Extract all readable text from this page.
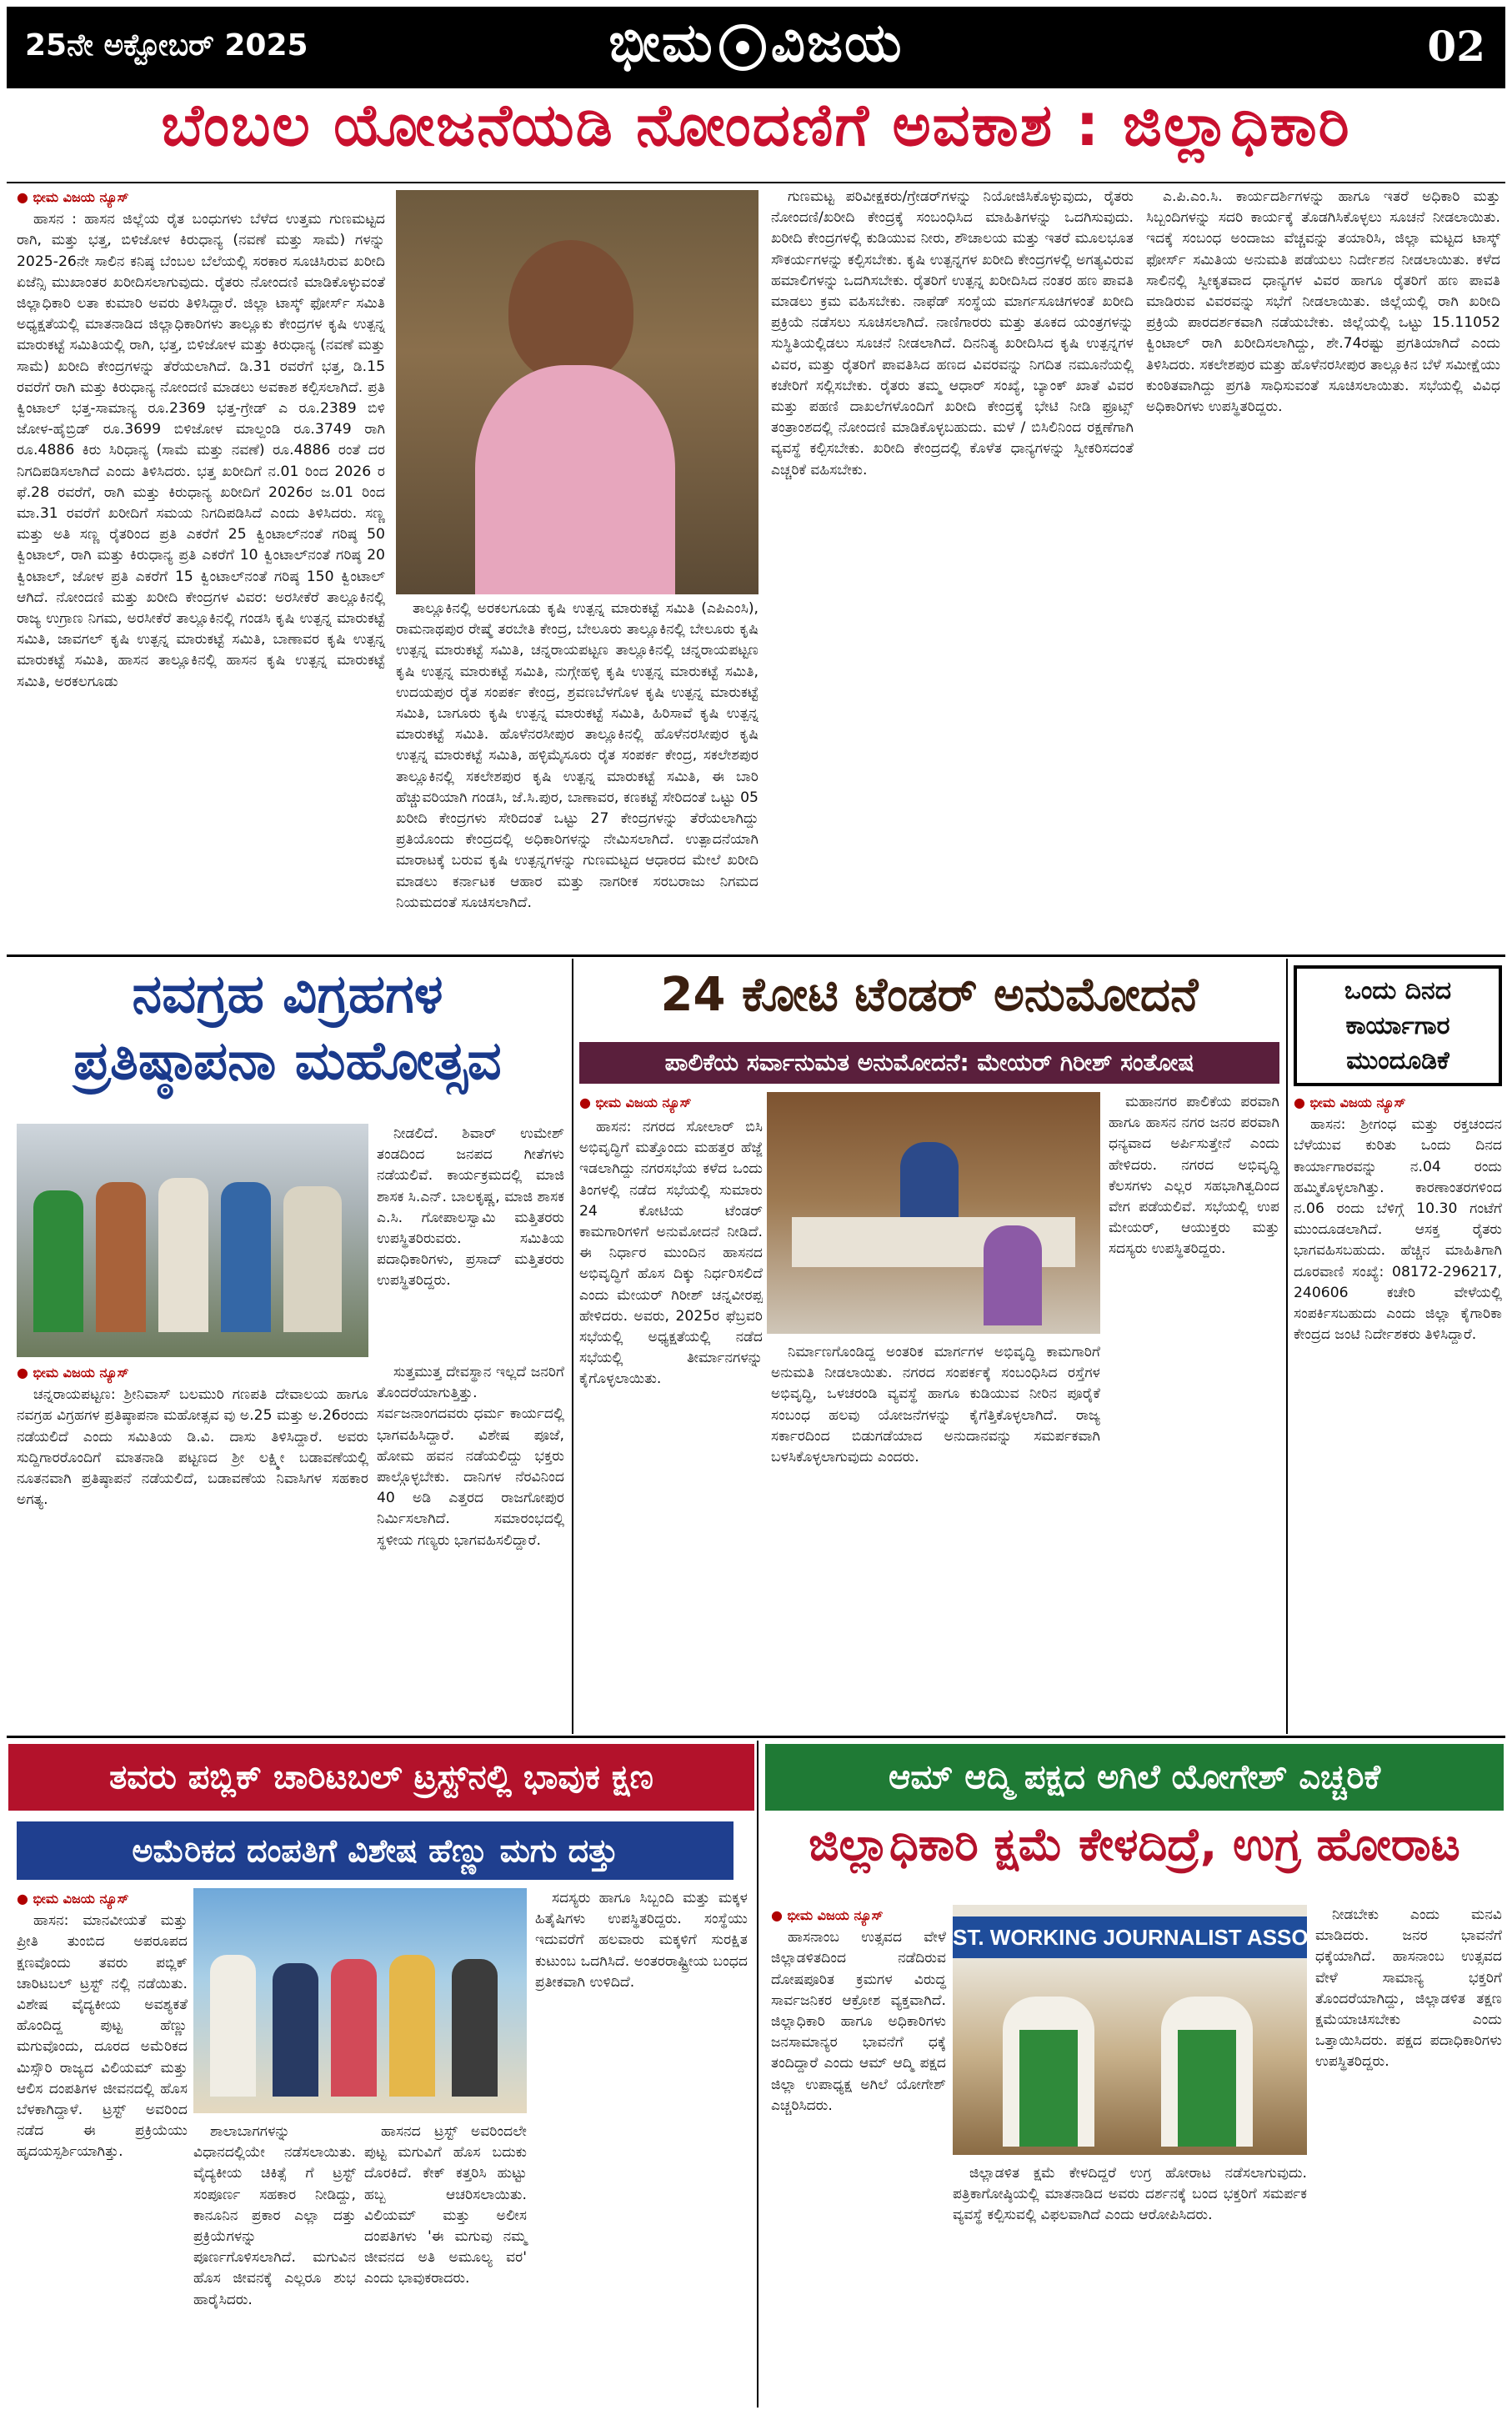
25ನೇ ಅಕ್ಟೋಬರ್ 2025	ಭೀಮ ವಿಜಯ	02
ಬೆಂಬಲ ಯೋಜನೆಯಡಿ ನೋಂದಣಿಗೆ ಅವಕಾಶ : ಜಿಲ್ಲಾಧಿಕಾರಿ
● ಭೀಮ ವಿಜಯ ನ್ಯೂಸ್

ಹಾಸನ : ಹಾಸನ ಜಿಲ್ಲೆಯ ರೈತ ಬಂಧುಗಳು ಬೆಳೆದ ಉತ್ತಮ ಗುಣಮಟ್ಟದ ರಾಗಿ, ಮತ್ತು ಭತ್ತ, ಬಿಳಿಜೋಳ ಕಿರುಧಾನ್ಯ (ನವಣೆ ಮತ್ತು ಸಾಮೆ) ಗಳನ್ನು 2025-26ನೇ ಸಾಲಿನ ಕನಿಷ್ಠ ಬೆಂಬಲ ಬೆಲೆಯಲ್ಲಿ ಸರಕಾರ ಸೂಚಿಸಿರುವ ಖರೀದಿ ಏಜೆನ್ಸಿ ಮುಖಾಂತರ ಖರೀದಿಸಲಾಗುವುದು. ರೈತರು ನೋಂದಣಿ ಮಾಡಿಕೊಳ್ಳುವಂತೆ ಜಿಲ್ಲಾಧಿಕಾರಿ ಲತಾ ಕುಮಾರಿ ಅವರು ತಿಳಿಸಿದ್ದಾರೆ. ಜಿಲ್ಲಾ ಟಾಸ್ಕ್ ಫೋರ್ಸ್ ಸಮಿತಿ ಅಧ್ಯಕ್ಷತೆಯಲ್ಲಿ ಮಾತನಾಡಿದ ಜಿಲ್ಲಾಧಿಕಾರಿಗಳು ತಾಲ್ಲೂಕು ಕೇಂದ್ರಗಳ ಕೃಷಿ ಉತ್ಪನ್ನ ಮಾರುಕಟ್ಟೆ ಸಮಿತಿಯಲ್ಲಿ ರಾಗಿ, ಭತ್ತ, ಬಿಳಿಜೋಳ ಮತ್ತು ಕಿರುಧಾನ್ಯ (ನವಣೆ ಮತ್ತು ಸಾಮೆ) ಖರೀದಿ ಕೇಂದ್ರಗಳನ್ನು ತೆರೆಯಲಾಗಿದೆ. ಡಿ.31 ರವರೆಗೆ ಭತ್ತ, ಡಿ.15 ರವರೆಗೆ ರಾಗಿ ಮತ್ತು ಕಿರುಧಾನ್ಯ ನೋಂದಣಿ ಮಾಡಲು ಅವಕಾಶ ಕಲ್ಪಿಸಲಾಗಿದೆ. ಪ್ರತಿ ಕ್ವಿಂಟಾಲ್ ಭತ್ತ-ಸಾಮಾನ್ಯ ರೂ.2369 ಭತ್ತ-ಗ್ರೇಡ್ ಎ ರೂ.2389 ಬಿಳಿ ಜೋಳ-ಹೈಬ್ರಿಡ್ ರೂ.3699 ಬಿಳಿಜೋಳ ಮಾಲ್ದಂಡಿ ರೂ.3749 ರಾಗಿ ರೂ.4886 ಕಿರು ಸಿರಿಧಾನ್ಯ (ಸಾಮೆ ಮತ್ತು ನವಣೆ) ರೂ.4886 ರಂತೆ ದರ ನಿಗದಿಪಡಿಸಲಾಗಿದೆ ಎಂದು ತಿಳಿಸಿದರು. ಭತ್ತ ಖರೀದಿಗೆ ನ.01 ರಿಂದ 2026 ರ ಫೆ.28 ರವರೆಗೆ, ರಾಗಿ ಮತ್ತು ಕಿರುಧಾನ್ಯ ಖರೀದಿಗೆ 2026ರ ಜ.01 ರಿಂದ ಮಾ.31 ರವರೆಗೆ ಖರೀದಿಗೆ ಸಮಯ ನಿಗದಿಪಡಿಸಿದೆ ಎಂದು ತಿಳಿಸಿದರು. ಸಣ್ಣ ಮತ್ತು ಅತಿ ಸಣ್ಣ ರೈತರಿಂದ ಪ್ರತಿ ಎಕರೆಗೆ 25 ಕ್ವಿಂಟಾಲ್‌ನಂತೆ ಗರಿಷ್ಠ 50 ಕ್ವಿಂಟಾಲ್, ರಾಗಿ ಮತ್ತು ಕಿರುಧಾನ್ಯ ಪ್ರತಿ ಎಕರೆಗೆ 10 ಕ್ವಿಂಟಾಲ್‌ನಂತೆ ಗರಿಷ್ಠ 20 ಕ್ವಿಂಟಾಲ್, ಜೋಳ ಪ್ರತಿ ಎಕರೆಗೆ 15 ಕ್ವಿಂಟಾಲ್‌ನಂತೆ ಗರಿಷ್ಠ 150 ಕ್ವಿಂಟಾಲ್ ಆಗಿದೆ. ನೋಂದಣಿ ಮತ್ತು ಖರೀದಿ ಕೇಂದ್ರಗಳ ವಿವರ: ಅರಸೀಕೆರೆ ತಾಲ್ಲೂಕಿನಲ್ಲಿ ರಾಜ್ಯ ಉಗ್ರಾಣ ನಿಗಮ, ಅರಸೀಕೆರೆ ತಾಲ್ಲೂಕಿನಲ್ಲಿ ಗಂಡಸಿ ಕೃಷಿ ಉತ್ಪನ್ನ ಮಾರುಕಟ್ಟೆ ಸಮಿತಿ, ಜಾವಗಲ್ ಕೃಷಿ ಉತ್ಪನ್ನ ಮಾರುಕಟ್ಟೆ ಸಮಿತಿ, ಬಾಣಾವರ ಕೃಷಿ ಉತ್ಪನ್ನ ಮಾರುಕಟ್ಟೆ ಸಮಿತಿ, ಹಾಸನ ತಾಲ್ಲೂಕಿನಲ್ಲಿ ಹಾಸನ ಕೃಷಿ ಉತ್ಪನ್ನ ಮಾರುಕಟ್ಟೆ ಸಮಿತಿ, ಅರಕಲಗೂಡು

ತಾಲ್ಲೂಕಿನಲ್ಲಿ ಅರಕಲಗೂಡು ಕೃಷಿ ಉತ್ಪನ್ನ ಮಾರುಕಟ್ಟೆ ಸಮಿತಿ (ಎಪಿಎಂಸಿ), ರಾಮನಾಥಪುರ ರೇಷ್ಮೆ ತರಬೇತಿ ಕೇಂದ್ರ, ಬೇಲೂರು ತಾಲ್ಲೂಕಿನಲ್ಲಿ ಬೇಲೂರು ಕೃಷಿ ಉತ್ಪನ್ನ ಮಾರುಕಟ್ಟೆ ಸಮಿತಿ, ಚನ್ನರಾಯಪಟ್ಟಣ ತಾಲ್ಲೂಕಿನಲ್ಲಿ ಚನ್ನರಾಯಪಟ್ಟಣ ಕೃಷಿ ಉತ್ಪನ್ನ ಮಾರುಕಟ್ಟೆ ಸಮಿತಿ, ನುಗ್ಗೇಹಳ್ಳಿ ಕೃಷಿ ಉತ್ಪನ್ನ ಮಾರುಕಟ್ಟೆ ಸಮಿತಿ, ಉದಯಪುರ ರೈತ ಸಂಪರ್ಕ ಕೇಂದ್ರ, ಶ್ರವಣಬೆಳಗೊಳ ಕೃಷಿ ಉತ್ಪನ್ನ ಮಾರುಕಟ್ಟೆ ಸಮಿತಿ, ಬಾಗೂರು ಕೃಷಿ ಉತ್ಪನ್ನ ಮಾರುಕಟ್ಟೆ ಸಮಿತಿ, ಹಿರಿಸಾವೆ ಕೃಷಿ ಉತ್ಪನ್ನ ಮಾರುಕಟ್ಟೆ ಸಮಿತಿ. ಹೊಳೆನರಸೀಪುರ ತಾಲ್ಲೂಕಿನಲ್ಲಿ ಹೊಳೆನರಸೀಪುರ ಕೃಷಿ ಉತ್ಪನ್ನ ಮಾರುಕಟ್ಟೆ ಸಮಿತಿ, ಹಳ್ಳಿಮೈಸೂರು ರೈತ ಸಂಪರ್ಕ ಕೇಂದ್ರ, ಸಕಲೇಶಪುರ ತಾಲ್ಲೂಕಿನಲ್ಲಿ ಸಕಲೇಶಪುರ ಕೃಷಿ ಉತ್ಪನ್ನ ಮಾರುಕಟ್ಟೆ ಸಮಿತಿ, ಈ ಬಾರಿ ಹೆಚ್ಚುವರಿಯಾಗಿ ಗಂಡಸಿ, ಜೆ.ಸಿ.ಪುರ, ಬಾಣಾವರ, ಕಣಕಟ್ಟೆ ಸೇರಿದಂತೆ ಒಟ್ಟು 05 ಖರೀದಿ ಕೇಂದ್ರಗಳು ಸೇರಿದಂತೆ ಒಟ್ಟು 27 ಕೇಂದ್ರಗಳನ್ನು ತೆರೆಯಲಾಗಿದ್ದು ಪ್ರತಿಯೊಂದು ಕೇಂದ್ರದಲ್ಲಿ ಅಧಿಕಾರಿಗಳನ್ನು ನೇಮಿಸಲಾಗಿದೆ. ಉತ್ಪಾದನೆಯಾಗಿ ಮಾರಾಟಕ್ಕೆ ಬರುವ ಕೃಷಿ ಉತ್ಪನ್ನಗಳನ್ನು ಗುಣಮಟ್ಟದ ಆಧಾರದ ಮೇಲೆ ಖರೀದಿ ಮಾಡಲು ಕರ್ನಾಟಕ ಆಹಾರ ಮತ್ತು ನಾಗರೀಕ ಸರಬರಾಜು ನಿಗಮದ ನಿಯಮದಂತೆ ಸೂಚಿಸಲಾಗಿದೆ.

ಗುಣಮಟ್ಟ ಪರಿವೀಕ್ಷಕರು/ಗ್ರೇಡರ್‌ಗಳನ್ನು ನಿಯೋಜಿಸಿಕೊಳ್ಳುವುದು, ರೈತರು ನೋಂದಣಿ/ಖರೀದಿ ಕೇಂದ್ರಕ್ಕೆ ಸಂಬಂಧಿಸಿದ ಮಾಹಿತಿಗಳನ್ನು ಒದಗಿಸುವುದು. ಖರೀದಿ ಕೇಂದ್ರಗಳಲ್ಲಿ ಕುಡಿಯುವ ನೀರು, ಶೌಚಾಲಯ ಮತ್ತು ಇತರೆ ಮೂಲಭೂತ ಸೌಕರ್ಯಗಳನ್ನು ಕಲ್ಪಿಸಬೇಕು. ಕೃಷಿ ಉತ್ಪನ್ನಗಳ ಖರೀದಿ ಕೇಂದ್ರಗಳಲ್ಲಿ ಅಗತ್ಯವಿರುವ ಹಮಾಲಿಗಳನ್ನು ಒದಗಿಸಬೇಕು. ರೈತರಿಗೆ ಉತ್ಪನ್ನ ಖರೀದಿಸಿದ ನಂತರ ಹಣ ಪಾವತಿ ಮಾಡಲು ಕ್ರಮ ವಹಿಸಬೇಕು. ನಾಫೆಡ್ ಸಂಸ್ಥೆಯ ಮಾರ್ಗಸೂಚಿಗಳಂತೆ ಖರೀದಿ ಪ್ರಕ್ರಿಯೆ ನಡೆಸಲು ಸೂಚಿಸಲಾಗಿದೆ. ನಾಣಿಗಾರರು ಮತ್ತು ತೂಕದ ಯಂತ್ರಗಳನ್ನು ಸುಸ್ಥಿತಿಯಲ್ಲಿಡಲು ಸೂಚನೆ ನೀಡಲಾಗಿದೆ. ದಿನನಿತ್ಯ ಖರೀದಿಸಿದ ಕೃಷಿ ಉತ್ಪನ್ನಗಳ ವಿವರ, ಮತ್ತು ರೈತರಿಗೆ ಪಾವತಿಸಿದ ಹಣದ ವಿವರವನ್ನು ನಿಗದಿತ ನಮೂನೆಯಲ್ಲಿ ಕಚೇರಿಗೆ ಸಲ್ಲಿಸಬೇಕು. ರೈತರು ತಮ್ಮ ಆಧಾರ್ ಸಂಖ್ಯೆ, ಬ್ಯಾಂಕ್ ಖಾತೆ ವಿವರ ಮತ್ತು ಪಹಣಿ ದಾಖಲೆಗಳೊಂದಿಗೆ ಖರೀದಿ ಕೇಂದ್ರಕ್ಕೆ ಭೇಟಿ ನೀಡಿ ಫ್ರೂಟ್ಸ್ ತಂತ್ರಾಂಶದಲ್ಲಿ ನೋಂದಣಿ ಮಾಡಿಕೊಳ್ಳಬಹುದು. ಮಳೆ / ಬಿಸಿಲಿನಿಂದ ರಕ್ಷಣೆಗಾಗಿ ವ್ಯವಸ್ಥೆ ಕಲ್ಪಿಸಬೇಕು. ಖರೀದಿ ಕೇಂದ್ರದಲ್ಲಿ ಕೊಳೆತ ಧಾನ್ಯಗಳನ್ನು ಸ್ವೀಕರಿಸದಂತೆ ಎಚ್ಚರಿಕೆ ವಹಿಸಬೇಕು.

ಎ.ಪಿ.ಎಂ.ಸಿ. ಕಾರ್ಯದರ್ಶಿಗಳನ್ನು ಹಾಗೂ ಇತರೆ ಅಧಿಕಾರಿ ಮತ್ತು ಸಿಬ್ಬಂದಿಗಳನ್ನು ಸದರಿ ಕಾರ್ಯಕ್ಕೆ ತೊಡಗಿಸಿಕೊಳ್ಳಲು ಸೂಚನೆ ನೀಡಲಾಯಿತು. ಇದಕ್ಕೆ ಸಂಬಂಧ ಅಂದಾಜು ವೆಚ್ಚವನ್ನು ತಯಾರಿಸಿ, ಜಿಲ್ಲಾ ಮಟ್ಟದ ಟಾಸ್ಕ್ ಫೋರ್ಸ್ ಸಮಿತಿಯ ಅನುಮತಿ ಪಡೆಯಲು ನಿರ್ದೇಶನ ನೀಡಲಾಯಿತು. ಕಳೆದ ಸಾಲಿನಲ್ಲಿ ಸ್ವೀಕೃತವಾದ ಧಾನ್ಯಗಳ ವಿವರ ಹಾಗೂ ರೈತರಿಗೆ ಹಣ ಪಾವತಿ ಮಾಡಿರುವ ವಿವರವನ್ನು ಸಭೆಗೆ ನೀಡಲಾಯಿತು. ಜಿಲ್ಲೆಯಲ್ಲಿ ರಾಗಿ ಖರೀದಿ ಪ್ರಕ್ರಿಯೆ ಪಾರದರ್ಶಕವಾಗಿ ನಡೆಯಬೇಕು. ಜಿಲ್ಲೆಯಲ್ಲಿ ಒಟ್ಟು 15.11052 ಕ್ವಿಂಟಾಲ್ ರಾಗಿ ಖರೀದಿಸಲಾಗಿದ್ದು, ಶೇ.74ರಷ್ಟು ಪ್ರಗತಿಯಾಗಿದೆ ಎಂದು ತಿಳಿಸಿದರು. ಸಕಲೇಶಪುರ ಮತ್ತು ಹೊಳೆನರಸೀಪುರ ತಾಲ್ಲೂಕಿನ ಬೆಳೆ ಸಮೀಕ್ಷೆಯು ಕುಂಠಿತವಾಗಿದ್ದು ಪ್ರಗತಿ ಸಾಧಿಸುವಂತೆ ಸೂಚಿಸಲಾಯಿತು. ಸಭೆಯಲ್ಲಿ ವಿವಿಧ ಅಧಿಕಾರಿಗಳು ಉಪಸ್ಥಿತರಿದ್ದರು.

ನವಗ್ರಹ ವಿಗ್ರಹಗಳ
ಪ್ರತಿಷ್ಠಾಪನಾ ಮಹೋತ್ಸವ
● ಭೀಮ ವಿಜಯ ನ್ಯೂಸ್

ಚನ್ನರಾಯಪಟ್ಟಣ: ಶ್ರೀನಿವಾಸ್ ಬಲಮುರಿ ಗಣಪತಿ ದೇವಾಲಯ ಹಾಗೂ ನವಗ್ರಹ ವಿಗ್ರಹಗಳ ಪ್ರತಿಷ್ಠಾಪನಾ ಮಹೋತ್ಸವ ವು ಅ.25 ಮತ್ತು ಅ.26ರಂದು ನಡೆಯಲಿದೆ ಎಂದು ಸಮಿತಿಯ ಡಿ.ವಿ. ದಾಸು ತಿಳಿಸಿದ್ದಾರೆ. ಅವರು ಸುದ್ದಿಗಾರರೊಂದಿಗೆ ಮಾತನಾಡಿ ಪಟ್ಟಣದ ಶ್ರೀ ಲಕ್ಷ್ಮೀ ಬಡಾವಣೆಯಲ್ಲಿ ನೂತನವಾಗಿ ಪ್ರತಿಷ್ಠಾಪನೆ ನಡೆಯಲಿದೆ, ಬಡಾವಣೆಯ ನಿವಾಸಿಗಳ ಸಹಕಾರ ಅಗತ್ಯ.

ಸುತ್ತಮುತ್ತ ದೇವಸ್ಥಾನ ಇಲ್ಲದೆ ಜನರಿಗೆ ತೊಂದರೆಯಾಗುತ್ತಿತ್ತು. ಸರ್ವಜನಾಂಗದವರು ಧರ್ಮ ಕಾರ್ಯದಲ್ಲಿ ಭಾಗವಹಿಸಿದ್ದಾರೆ. ವಿಶೇಷ ಪೂಜೆ, ಹೋಮ ಹವನ ನಡೆಯಲಿದ್ದು ಭಕ್ತರು ಪಾಲ್ಗೊಳ್ಳಬೇಕು. ದಾನಿಗಳ ನೆರವಿನಿಂದ 40 ಅಡಿ ಎತ್ತರದ ರಾಜಗೋಪುರ ನಿರ್ಮಿಸಲಾಗಿದೆ. ಸಮಾರಂಭದಲ್ಲಿ ಸ್ಥಳೀಯ ಗಣ್ಯರು ಭಾಗವಹಿಸಲಿದ್ದಾರೆ.

ನೀಡಲಿದೆ. ಶಿವಾರ್ ಉಮೇಶ್ ತಂಡದಿಂದ ಜನಪದ ಗೀತೆಗಳು ನಡೆಯಲಿವೆ. ಕಾರ್ಯಕ್ರಮದಲ್ಲಿ ಮಾಜಿ ಶಾಸಕ ಸಿ.ಎನ್. ಬಾಲಕೃಷ್ಣ, ಮಾಜಿ ಶಾಸಕ ಎ.ಸಿ. ಗೋಪಾಲಸ್ವಾಮಿ ಮತ್ತಿತರರು ಉಪಸ್ಥಿತರಿರುವರು. ಸಮಿತಿಯ ಪದಾಧಿಕಾರಿಗಳು, ಪ್ರಸಾದ್ ಮತ್ತಿತರರು ಉಪಸ್ಥಿತರಿದ್ದರು.

24 ಕೋಟಿ ಟೆಂಡರ್ ಅನುಮೋದನೆ
ಪಾಲಿಕೆಯ ಸರ್ವಾನುಮತ ಅನುಮೋದನೆ: ಮೇಯರ್ ಗಿರೀಶ್ ಸಂತೋಷ
● ಭೀಮ ವಿಜಯ ನ್ಯೂಸ್

ಹಾಸನ: ನಗರದ ಸೋಲಾರ್ ಬಿಸಿ ಅಭಿವೃದ್ಧಿಗೆ ಮತ್ತೊಂದು ಮಹತ್ತರ ಹೆಜ್ಜೆ ಇಡಲಾಗಿದ್ದು ನಗರಸಭೆಯ ಕಳೆದ ಒಂದು ತಿಂಗಳಲ್ಲಿ ನಡೆದ ಸಭೆಯಲ್ಲಿ ಸುಮಾರು 24 ಕೋಟಿಯ ಟೆಂಡರ್ ಕಾಮಗಾರಿಗಳಿಗೆ ಅನುಮೋದನೆ ನೀಡಿದೆ. ಈ ನಿರ್ಧಾರ ಮುಂದಿನ ಹಾಸನದ ಅಭಿವೃದ್ಧಿಗೆ ಹೊಸ ದಿಕ್ಕು ನಿರ್ಧರಿಸಲಿದೆ ಎಂದು ಮೇಯರ್ ಗಿರೀಶ್ ಚನ್ನವೀರಪ್ಪ ಹೇಳಿದರು. ಅವರು, 2025ರ ಫೆಬ್ರವರಿ ಸಭೆಯಲ್ಲಿ ಅಧ್ಯಕ್ಷತೆಯಲ್ಲಿ ನಡೆದ ಸಭೆಯಲ್ಲಿ ತೀರ್ಮಾನಗಳನ್ನು ಕೈಗೊಳ್ಳಲಾಯಿತು.

ನಿರ್ಮಾಣಗೊಂಡಿದ್ದ ಅಂತರಿಕ ಮಾರ್ಗಗಳ ಅಭಿವೃದ್ಧಿ ಕಾಮಗಾರಿಗೆ ಅನುಮತಿ ನೀಡಲಾಯಿತು. ನಗರದ ಸಂಪರ್ಕಕ್ಕೆ ಸಂಬಂಧಿಸಿದ ರಸ್ತೆಗಳ ಅಭಿವೃದ್ಧಿ, ಒಳಚರಂಡಿ ವ್ಯವಸ್ಥೆ ಹಾಗೂ ಕುಡಿಯುವ ನೀರಿನ ಪೂರೈಕೆ ಸಂಬಂಧ ಹಲವು ಯೋಜನೆಗಳನ್ನು ಕೈಗೆತ್ತಿಕೊಳ್ಳಲಾಗಿದೆ. ರಾಜ್ಯ ಸರ್ಕಾರದಿಂದ ಬಿಡುಗಡೆಯಾದ ಅನುದಾನವನ್ನು ಸಮರ್ಪಕವಾಗಿ ಬಳಸಿಕೊಳ್ಳಲಾಗುವುದು ಎಂದರು.

ಮಹಾನಗರ ಪಾಲಿಕೆಯ ಪರವಾಗಿ ಹಾಗೂ ಹಾಸನ ನಗರ ಜನರ ಪರವಾಗಿ ಧನ್ಯವಾದ ಅರ್ಪಿಸುತ್ತೇನೆ ಎಂದು ಹೇಳಿದರು. ನಗರದ ಅಭಿವೃದ್ಧಿ ಕೆಲಸಗಳು ಎಲ್ಲರ ಸಹಭಾಗಿತ್ವದಿಂದ ವೇಗ ಪಡೆಯಲಿವೆ. ಸಭೆಯಲ್ಲಿ ಉಪ ಮೇಯರ್, ಆಯುಕ್ತರು ಮತ್ತು ಸದಸ್ಯರು ಉಪಸ್ಥಿತರಿದ್ದರು.

ಒಂದು ದಿನದ
ಕಾರ್ಯಾಗಾರ
ಮುಂದೂಡಿಕೆ
● ಭೀಮ ವಿಜಯ ನ್ಯೂಸ್

ಹಾಸನ: ಶ್ರೀಗಂಧ ಮತ್ತು ರಕ್ತಚಂದನ ಬೆಳೆಯುವ ಕುರಿತು ಒಂದು ದಿನದ ಕಾರ್ಯಾಗಾರವನ್ನು ನ.04 ರಂದು ಹಮ್ಮಿಕೊಳ್ಳಲಾಗಿತ್ತು. ಕಾರಣಾಂತರಗಳಿಂದ ನ.06 ರಂದು ಬೆಳಿಗ್ಗೆ 10.30 ಗಂಟೆಗೆ ಮುಂದೂಡಲಾಗಿದೆ. ಆಸಕ್ತ ರೈತರು ಭಾಗವಹಿಸಬಹುದು. ಹೆಚ್ಚಿನ ಮಾಹಿತಿಗಾಗಿ ದೂರವಾಣಿ ಸಂಖ್ಯೆ: 08172-296217, 240606 ಕಚೇರಿ ವೇಳೆಯಲ್ಲಿ ಸಂಪರ್ಕಿಸಬಹುದು ಎಂದು ಜಿಲ್ಲಾ ಕೈಗಾರಿಕಾ ಕೇಂದ್ರದ ಜಂಟಿ ನಿರ್ದೇಶಕರು ತಿಳಿಸಿದ್ದಾರೆ.

ತವರು ಪಬ್ಲಿಕ್ ಚಾರಿಟಬಲ್ ಟ್ರಸ್ಟ್‌ನಲ್ಲಿ ಭಾವುಕ ಕ್ಷಣ
ಅಮೆರಿಕದ ದಂಪತಿಗೆ ವಿಶೇಷ ಹೆಣ್ಣು ಮಗು ದತ್ತು
● ಭೀಮ ವಿಜಯ ನ್ಯೂಸ್

ಹಾಸನ: ಮಾನವೀಯತೆ ಮತ್ತು ಪ್ರೀತಿ ತುಂಬಿದ ಅಪರೂಪದ ಕ್ಷಣವೊಂದು ತವರು ಪಬ್ಲಿಕ್ ಚಾರಿಟಬಲ್ ಟ್ರಸ್ಟ್ ನಲ್ಲಿ ನಡೆಯಿತು. ವಿಶೇಷ ವೈದ್ಯಕೀಯ ಅವಶ್ಯಕತೆ ಹೊಂದಿದ್ದ ಪುಟ್ಟ ಹೆಣ್ಣು ಮಗುವೊಂದು, ದೂರದ ಅಮೆರಿಕದ ಮಿಸ್ಸೌರಿ ರಾಜ್ಯದ ವಿಲಿಯಮ್ ಮತ್ತು ಆಲಿಸ ದಂಪತಿಗಳ ಜೀವನದಲ್ಲಿ ಹೊಸ ಬೆಳಕಾಗಿದ್ದಾಳೆ. ಟ್ರಸ್ಟ್ ಅವರಿಂದ ನಡೆದ ಈ ಪ್ರಕ್ರಿಯೆಯು ಹೃದಯಸ್ಪರ್ಶಿಯಾಗಿತ್ತು.

ಶಾಲಾಬಾಗಗಳನ್ನು ವಿಧಾನದಲ್ಲಿಯೇ ನಡೆಸಲಾಯಿತು. ವೈದ್ಯಕೀಯ ಚಿಕಿತ್ಸೆ ಗೆ ಟ್ರಸ್ಟ್ ಸಂಪೂರ್ಣ ಸಹಕಾರ ನೀಡಿದ್ದು, ಕಾನೂನಿನ ಪ್ರಕಾರ ಎಲ್ಲಾ ದತ್ತು ಪ್ರಕ್ರಿಯೆಗಳನ್ನು ಪೂರ್ಣಗೊಳಿಸಲಾಗಿದೆ. ಮಗುವಿನ ಹೊಸ ಜೀವನಕ್ಕೆ ಎಲ್ಲರೂ ಶುಭ ಹಾರೈಸಿದರು.

ಹಾಸನದ ಟ್ರಸ್ಟ್ ಅವರಿಂದಲೇ ಪುಟ್ಟ ಮಗುವಿಗೆ ಹೊಸ ಬದುಕು ದೊರಕಿದೆ. ಕೇಕ್ ಕತ್ತರಿಸಿ ಹುಟ್ಟು ಹಬ್ಬ ಆಚರಿಸಲಾಯಿತು. ವಿಲಿಯಮ್ ಮತ್ತು ಅಲೀಸ ದಂಪತಿಗಳು 'ಈ ಮಗುವು ನಮ್ಮ ಜೀವನದ ಅತಿ ಅಮೂಲ್ಯ ವರ' ಎಂದು ಭಾವುಕರಾದರು.

ಸದಸ್ಯರು ಹಾಗೂ ಸಿಬ್ಬಂದಿ ಮತ್ತು ಮಕ್ಕಳ ಹಿತೈಷಿಗಳು ಉಪಸ್ಥಿತರಿದ್ದರು. ಸಂಸ್ಥೆಯು ಇದುವರೆಗೆ ಹಲವಾರು ಮಕ್ಕಳಿಗೆ ಸುರಕ್ಷಿತ ಕುಟುಂಬ ಒದಗಿಸಿದೆ. ಅಂತರರಾಷ್ಟ್ರೀಯ ಬಂಧದ ಪ್ರತೀಕವಾಗಿ ಉಳಿದಿದೆ.

ಆಮ್ ಆದ್ಮಿ ಪಕ್ಷದ ಅಗಿಲೆ ಯೋಗೇಶ್ ಎಚ್ಚರಿಕೆ
ಜಿಲ್ಲಾಧಿಕಾರಿ ಕ್ಷಮೆ ಕೇಳದಿದ್ರೆ, ಉಗ್ರ ಹೋರಾಟ
● ಭೀಮ ವಿಜಯ ನ್ಯೂಸ್

ಹಾಸನಾಂಬ ಉತ್ಸವದ ವೇಳೆ ಜಿಲ್ಲಾಡಳಿತದಿಂದ ನಡೆದಿರುವ ದೋಷಪೂರಿತ ಕ್ರಮಗಳ ವಿರುದ್ಧ ಸಾರ್ವಜನಿಕರ ಆಕ್ರೋಶ ವ್ಯಕ್ತವಾಗಿದೆ. ಜಿಲ್ಲಾಧಿಕಾರಿ ಹಾಗೂ ಅಧಿಕಾರಿಗಳು ಜನಸಾಮಾನ್ಯರ ಭಾವನೆಗೆ ಧಕ್ಕೆ ತಂದಿದ್ದಾರೆ ಎಂದು ಆಮ್ ಆದ್ಮಿ ಪಕ್ಷದ ಜಿಲ್ಲಾ ಉಪಾಧ್ಯಕ್ಷ ಅಗಿಲೆ ಯೋಗೇಶ್ ಎಚ್ಚರಿಸಿದರು.

ST. WORKING JOURNALIST ASSOCIAT

ಜಿಲ್ಲಾಡಳಿತ ಕ್ಷಮೆ ಕೇಳದಿದ್ದರೆ ಉಗ್ರ ಹೋರಾಟ ನಡೆಸಲಾಗುವುದು. ಪತ್ರಿಕಾಗೋಷ್ಠಿಯಲ್ಲಿ ಮಾತನಾಡಿದ ಅವರು ದರ್ಶನಕ್ಕೆ ಬಂದ ಭಕ್ತರಿಗೆ ಸಮರ್ಪಕ ವ್ಯವಸ್ಥೆ ಕಲ್ಪಿಸುವಲ್ಲಿ ವಿಫಲವಾಗಿದೆ ಎಂದು ಆರೋಪಿಸಿದರು.

ನೀಡಬೇಕು ಎಂದು ಮನವಿ ಮಾಡಿದರು. ಜನರ ಭಾವನೆಗೆ ಧಕ್ಕೆಯಾಗಿದೆ. ಹಾಸನಾಂಬ ಉತ್ಸವದ ವೇಳೆ ಸಾಮಾನ್ಯ ಭಕ್ತರಿಗೆ ತೊಂದರೆಯಾಗಿದ್ದು, ಜಿಲ್ಲಾಡಳಿತ ತಕ್ಷಣ ಕ್ಷಮೆಯಾಚಿಸಬೇಕು ಎಂದು ಒತ್ತಾಯಿಸಿದರು. ಪಕ್ಷದ ಪದಾಧಿಕಾರಿಗಳು ಉಪಸ್ಥಿತರಿದ್ದರು.
